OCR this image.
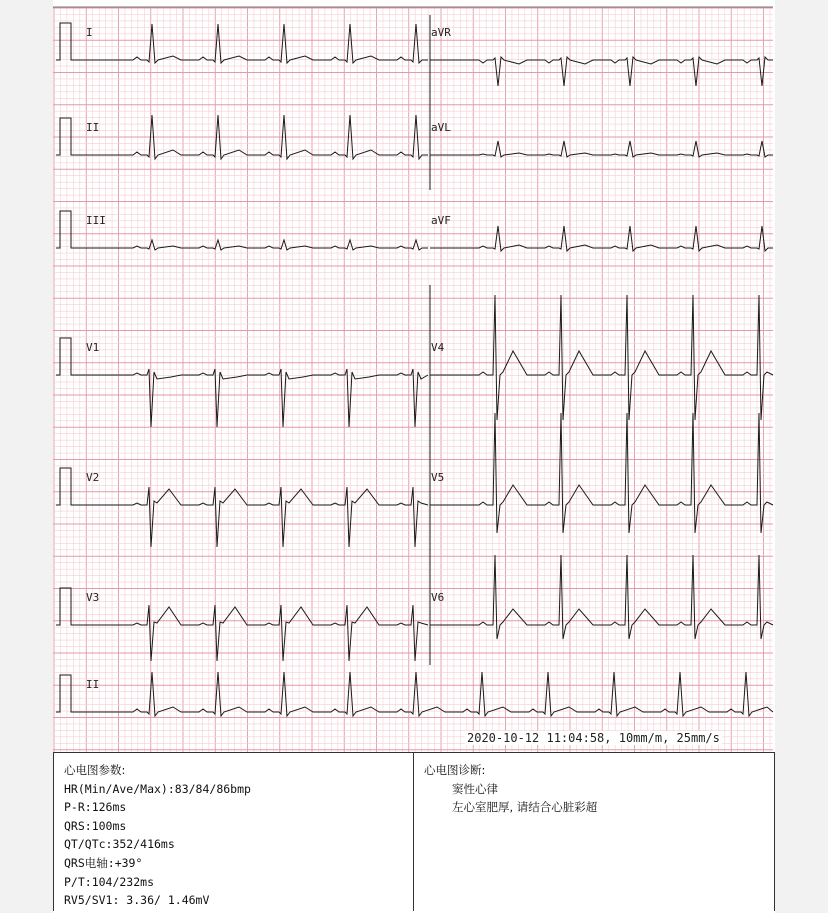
I
II
III
V1
V2
V3
aVR
aVL
aVF
V4
V5
V6
II
2020-10-12 11:04:58, 10mm/m, 25mm/s
心电图参数:
HR(Min/Ave/Max):83/84/86bmp
P-R:126ms
QRS:100ms
QT/QTc:352/416ms
QRS电轴:+39°
P/T:104/232ms
RV5/SV1: 3.36/ 1.46mV
心电图诊断:
窦性心律
左心室肥厚, 请结合心脏彩超
